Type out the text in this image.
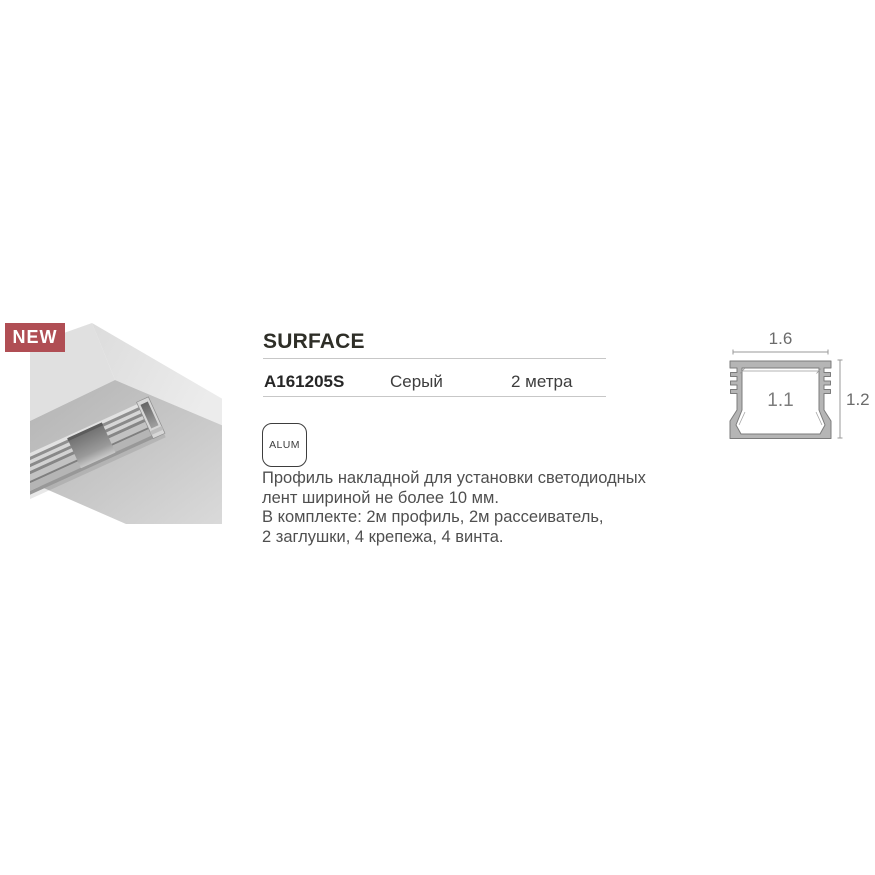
NEW	SURFACE
A161205S	Серый	2 метра
ALUM
Профиль накладной для установки светодиодных
лент шириной не более 10 мм.
В комплекте: 2м профиль, 2м рассеиватель,
2 заглушки, 4 крепежа, 4 винта.
1.6
1.2
1.1
